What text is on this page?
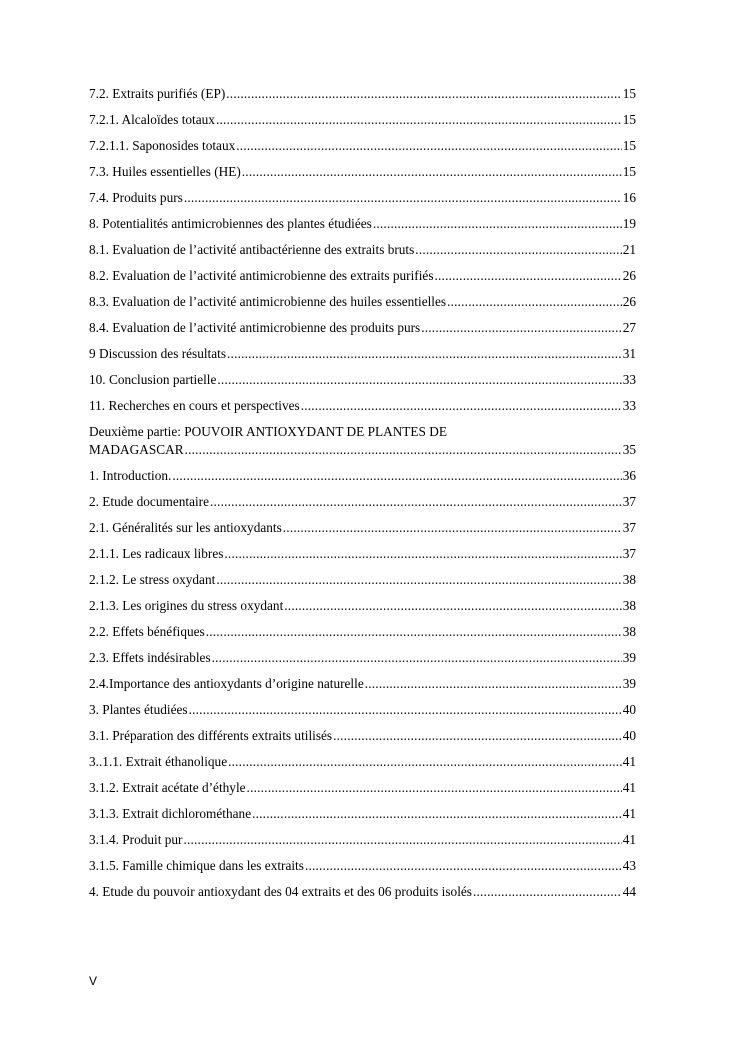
7.2. Extraits purifiés (EP) .....	15
7.2.1. Alcaloïdes totaux .....	15
7.2.1.1. Saponosides totaux .....	15
7.3. Huiles essentielles (HE) .....	15
7.4. Produits purs .....	16
8. Potentialités antimicrobiennes des plantes étudiées .....	19
8.1. Evaluation de l’activité antibactérienne des extraits bruts .....	21
8.2. Evaluation de l’activité antimicrobienne des extraits purifiés .....	26
8.3. Evaluation de l’activité antimicrobienne des huiles essentielles .....	26
8.4. Evaluation de l’activité antimicrobienne des produits purs .....	27
9 Discussion des résultats .....	31
10. Conclusion partielle .....	33
11. Recherches en cours et perspectives .....	33
Deuxième partie: POUVOIR ANTIOXYDANT DE PLANTES DE
MADAGASCAR .....	35
1. Introduction. .....	36
2. Etude documentaire .....	37
2.1. Généralités sur les antioxydants .....	37
2.1.1. Les radicaux libres .....	37
2.1.2. Le stress oxydant .....	38
2.1.3. Les origines du stress oxydant .....	38
2.2. Effets bénéfiques .....	38
2.3. Effets indésirables .....	39
2.4.Importance des antioxydants d’origine naturelle .....	39
3. Plantes étudiées .....	40
3.1. Préparation des différents extraits utilisés .....	40
3..1.1. Extrait éthanolique .....	41
3.1.2. Extrait acétate d’éthyle .....	41
3.1.3. Extrait dichlorométhane .....	41
3.1.4. Produit pur .....	41
3.1.5. Famille chimique dans les extraits .....	43
4. Etude du pouvoir antioxydant des 04 extraits et des 06 produits isolés .....	44
V
